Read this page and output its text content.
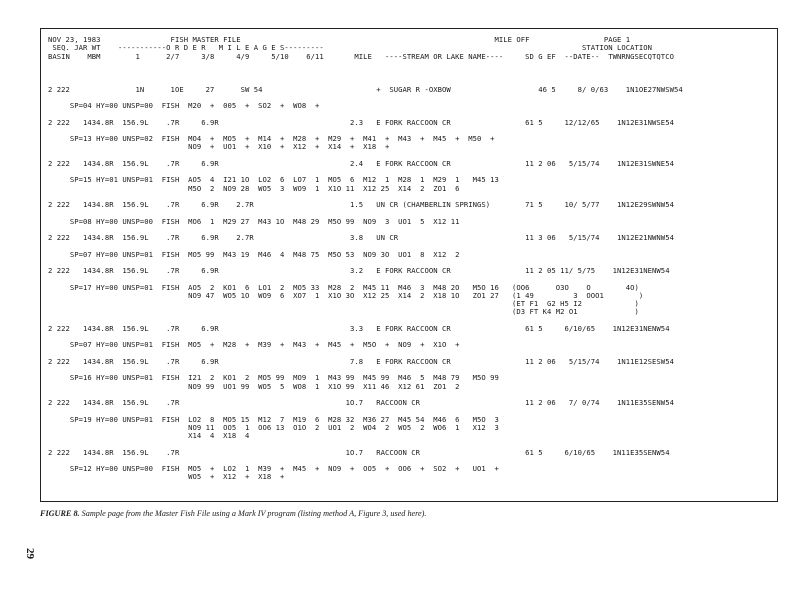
NOV 23, 1983                FISH MASTER FILE                                                          MILE OFF                 PAGE 1
SEQ. JAR WT    -----------O R D E R   M I L E A G E S---------                                                           STATION LOCATION
BASIN    MBM        1      2/7     3/8     4/9     5/10    6/11       MILE   ----STREAM OR LAKE NAME----     SD G EF  --DATE--  TWNRNGSECQTQTCO
2 222               1N      1OE     27      SW 54                          +  SUGAR R -OXBOW                    46 5     8/ 0/63    1N1OE27NWSW54
SP=04 HY=00 UNSP=00  FISH  M20  +  005  +  SO2  +  WO8  +
2 222   1434.8R  156.9L    .7R     6.9R                              2.3   E FORK RACCOON CR                 61 5     12/12/65    1N12E31NWSE54
SP=13 HY=00 UNSP=02  FISH  MO4  +  MO5  +  M14  +  M28  +  M29  +  M41  +  M43  +  M45  +  M50  +
NO9  +  UO1  +  X10  +  X12  +  X14  +  X18  +
2 222   1434.8R  156.9L    .7R     6.9R                              2.4   E FORK RACCOON CR                 11 2 06   5/15/74    1N12E31SWNE54
SP=15 HY=01 UNSP=01  FISH  AO5  4  I21 1O  LO2  6  LO7  1  MO5  6  M12  1  M28  1  M29  1   M45 13
M5O  2  NO9 28  WO5  3  WO9  1  X1O 11  X12 25  X14  2  ZO1  6
2 222   1434.8R  156.9L    .7R     6.9R    2.7R                      1.5   UN CR (CHAMBERLIN SPRINGS)        71 5     10/ 5/77    1N12E29SWNW54
SP=08 HY=00 UNSP=00  FISH  MO6  1  M29 27  M43 1O  M48 29  M5O 99  NO9  3  UO1  5  X12 11
2 222   1434.8R  156.9L    .7R     6.9R    2.7R                      3.8   UN CR                             11 3 06   5/15/74    1N12E21NWNW54
SP=07 HY=00 UNSP=01  FISH  MO5 99  M43 19  M46  4  M48 75  M5O 53  NO9 3O  UO1  8  X12  2
2 222   1434.8R  156.9L    .7R     6.9R                              3.2   E FORK RACCOON CR                 11 2 05 11/ 5/75    1N12E31NENW54
SP=17 HY=00 UNSP=01  FISH  AO5  2  KO1  6  LO1  2  MO5 33  M28  2  M45 11  M46  3  M48 2O   M5O 16   (OO6      O3O    O        4O)
NO9 47  WO5 1O  WO9  6  XO7  1  X1O 3O  X12 25  X14  2  X18 1O   ZO1 27   (1 49         3  OOO1        )
(ET F1  G2 H5 I2            )
(D3 FT K4 M2 O1             )
2 222   1434.8R  156.9L    .7R     6.9R                              3.3   E FORK RACCOON CR                 61 5     6/10/65    1N12E31NENW54
SP=07 HY=00 UNSP=01  FISH  MO5  +  M28  +  M39  +  M43  +  M45  +  M5O  +  NO9  +  X1O  +
2 222   1434.8R  156.9L    .7R     6.9R                              7.8   E FORK RACCOON CR                 11 2 06   5/15/74    1N11E12SESW54
SP=16 HY=00 UNSP=01  FISH  I21  2  KO1  2  MO5 99  MO9  1  M43 99  M45 99  M46  5  M48 79   M5O 99
NO9 99  UO1 99  WO5  5  WO8  1  X1O 99  X11 46  X12 61  ZO1  2
2 222   1434.8R  156.9L    .7R                                      1O.7   RACCOON CR                        11 2 06   7/ 0/74    1N11E35SENW54
SP=19 HY=00 UNSP=01  FISH  LO2  8  MO5 15  M12  7  M19  6  M28 32  M36 27  M45 54  M46  6   M5O  3
NO9 11  OO5  1  OO6 13  O1O  2  UO1  2  WO4  2  WO5  2  WO6  1   X12  3
X14  4  X18  4
2 222   1434.8R  156.9L    .7R                                      1O.7   RACCOON CR                        61 5     6/10/65    1N11E35SENW54
SP=12 HY=00 UNSP=00  FISH  MO5  +  LO2  1  M39  +  M45  +  NO9  +  OO5  +  OO6  +  SO2  +   UO1  +
WO5  +  X12  +  X18  +
FIGURE 8. Sample page from the Master Fish File using a Mark IV program (listing method A, Figure 3, used here).
29
